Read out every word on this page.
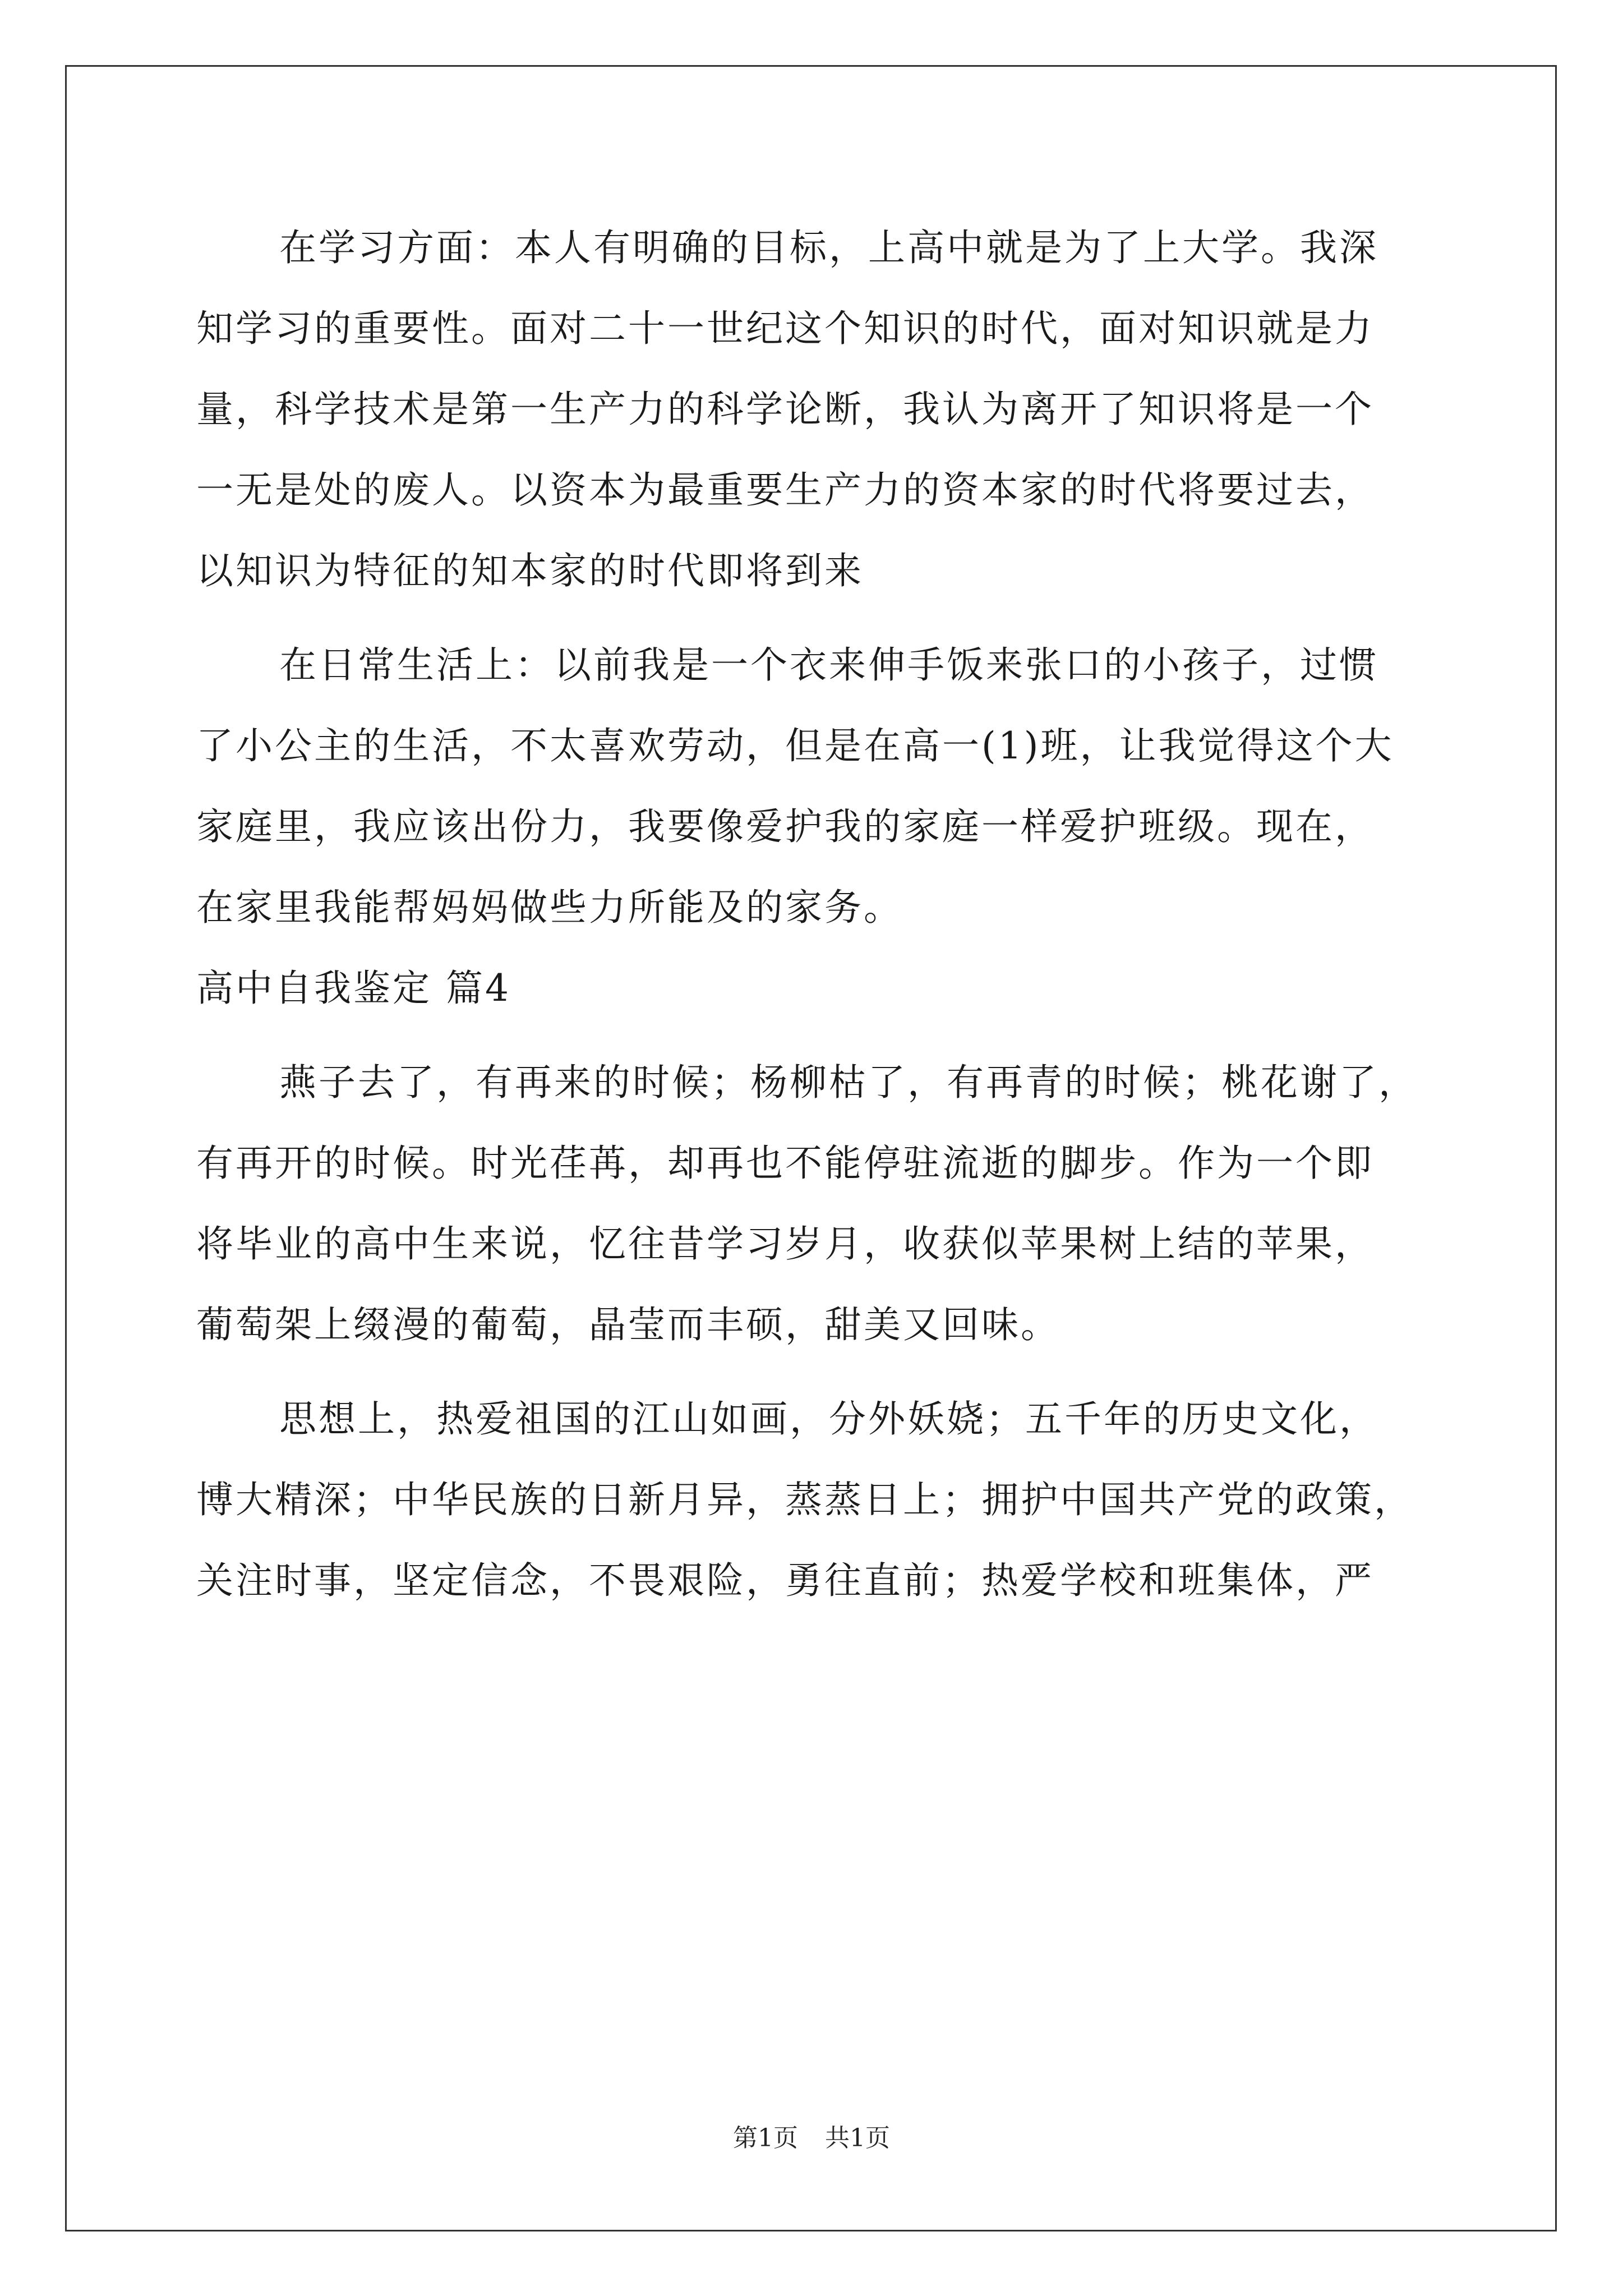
在学习方面：本人有明确的目标，上高中就是为了上大学。我深
知学习的重要性。面对二十一世纪这个知识的时代，面对知识就是力
量，科学技术是第一生产力的科学论断，我认为离开了知识将是一个
一无是处的废人。以资本为最重要生产力的资本家的时代将要过去，
以知识为特征的知本家的时代即将到来
在日常生活上：以前我是一个衣来伸手饭来张口的小孩子，过惯
了小公主的生活，不太喜欢劳动，但是在高一(1)班，让我觉得这个大
家庭里，我应该出份力，我要像爱护我的家庭一样爱护班级。现在，
在家里我能帮妈妈做些力所能及的家务。
高中自我鉴定 篇4
燕子去了，有再来的时候；杨柳枯了，有再青的时候；桃花谢了，
有再开的时候。时光荏苒，却再也不能停驻流逝的脚步。作为一个即
将毕业的高中生来说，忆往昔学习岁月，收获似苹果树上结的苹果，
葡萄架上缀漫的葡萄，晶莹而丰硕，甜美又回味。
思想上，热爱祖国的江山如画，分外妖娆；五千年的历史文化，
博大精深；中华民族的日新月异，蒸蒸日上；拥护中国共产党的政策，
关注时事，坚定信念，不畏艰险，勇往直前；热爱学校和班集体，严
第1页 共1页
